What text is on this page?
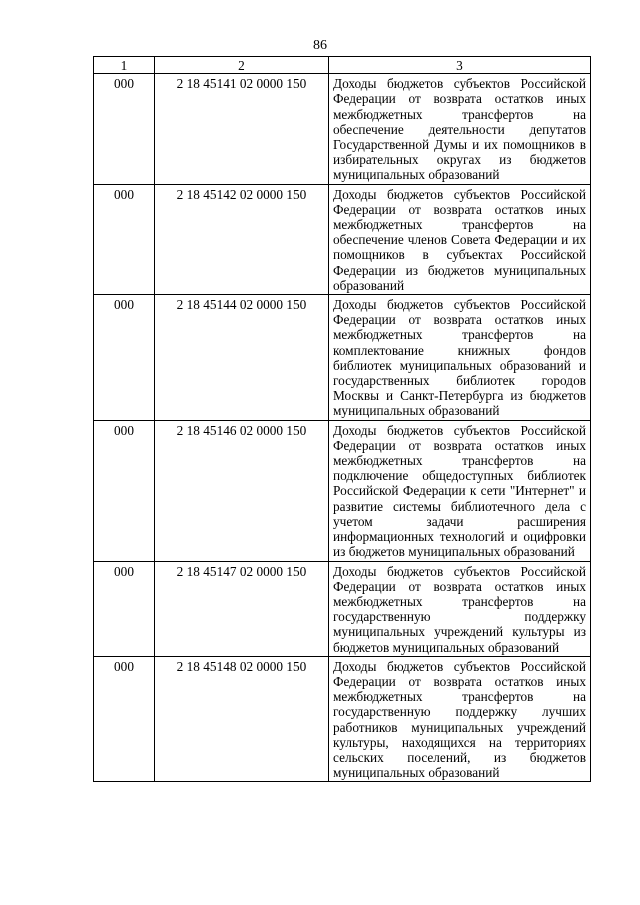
86
1	2	3
000	2 18 45141 02 0000 150	Доходы бюджетов субъектов Российской Федерации от возврата остатков иных межбюджетных трансфертов на обеспечение деятельности депутатов Государственной Думы и их помощников в избирательных округах из бюджетов муниципальных образований
000	2 18 45142 02 0000 150	Доходы бюджетов субъектов Российской Федерации от возврата остатков иных межбюджетных трансфертов на обеспечение членов Совета Федерации и их помощников в субъектах Российской Федерации из бюджетов муниципальных образований
000	2 18 45144 02 0000 150	Доходы бюджетов субъектов Российской Федерации от возврата остатков иных межбюджетных трансфертов на комплектование книжных фондов библиотек муниципальных образований и государственных библиотек городов Москвы и Санкт-Петербурга из бюджетов муниципальных образований
000	2 18 45146 02 0000 150	Доходы бюджетов субъектов Российской Федерации от возврата остатков иных межбюджетных трансфертов на подключение общедоступных библиотек Российской Федерации к сети "Интернет" и развитие системы библиотечного дела с учетом задачи расширения информационных технологий и оцифровки из бюджетов муниципальных образований
000	2 18 45147 02 0000 150	Доходы бюджетов субъектов Российской Федерации от возврата остатков иных межбюджетных трансфертов на государственную поддержку муниципальных учреждений культуры из бюджетов муниципальных образований
000	2 18 45148 02 0000 150	Доходы бюджетов субъектов Российской Федерации от возврата остатков иных межбюджетных трансфертов на государственную поддержку лучших работников муниципальных учреждений культуры, находящихся на территориях сельских поселений, из бюджетов муниципальных образований
